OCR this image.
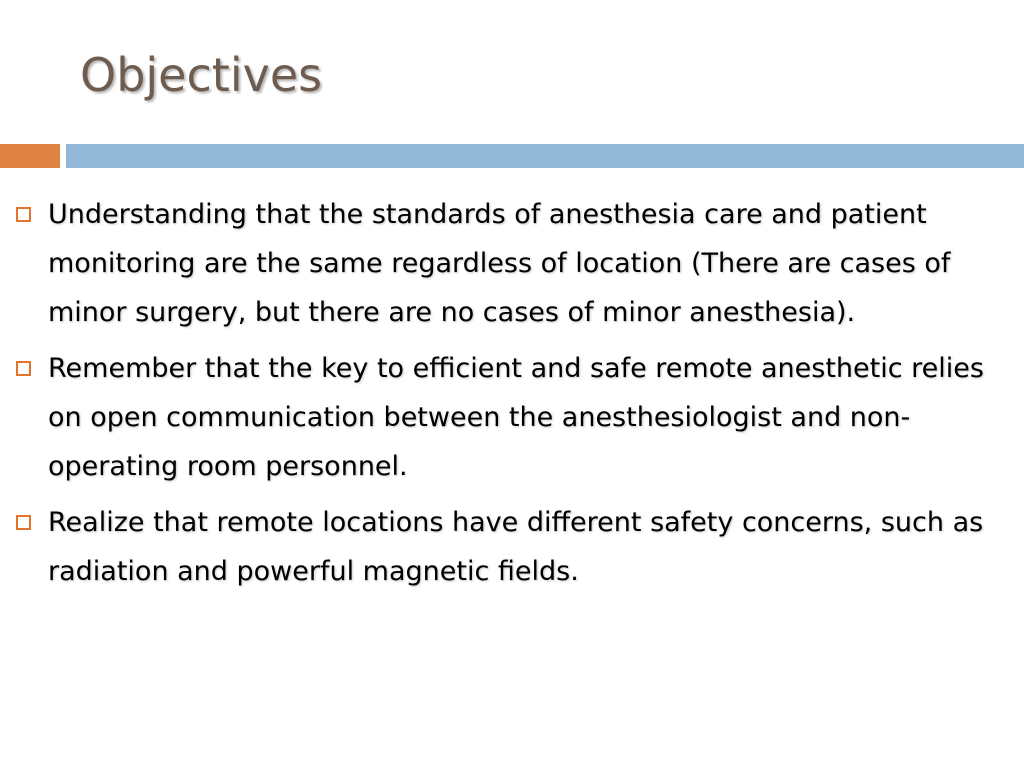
Objectives
Understanding that the standards of anesthesia care and patient monitoring are the same regardless of location (There are cases of minor surgery, but there are no cases of minor anesthesia).
Remember that the key to efficient and safe remote anesthetic relies on open communication between the anesthesiologist and non-operating room personnel.
Realize that remote locations have different safety concerns, such as radiation and powerful magnetic fields.
